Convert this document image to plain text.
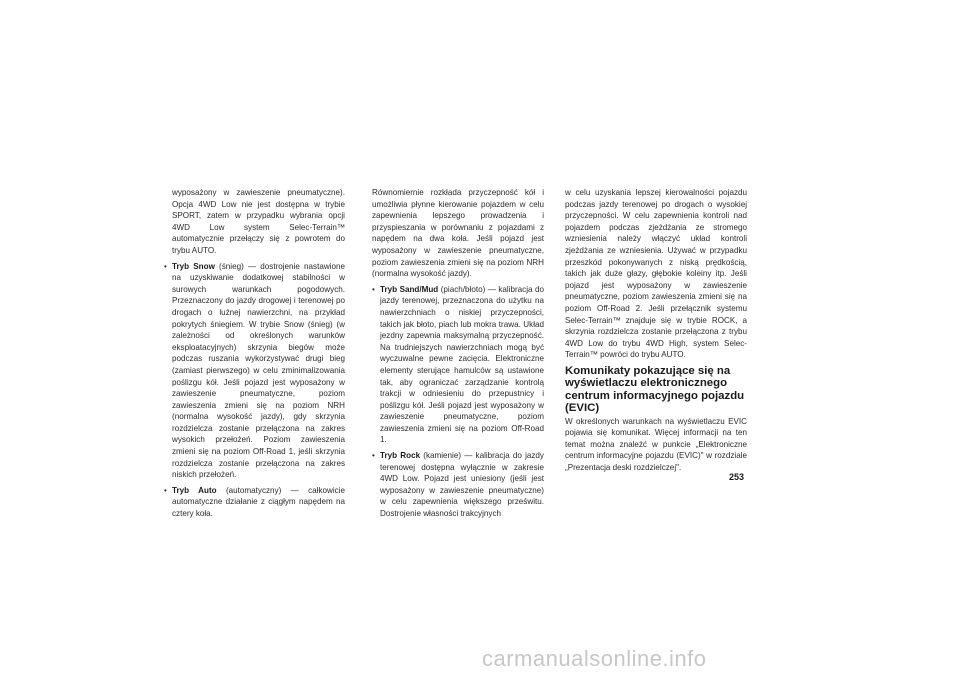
wyposażony w zawieszenie pneumatyczne). Opcja 4WD Low nie jest dostępna w trybie SPORT, zatem w przypadku wybrania opcji 4WD Low system Selec-Terrain™ automatycznie przełączy się z powrotem do trybu AUTO.

• Tryb Snow (śnieg) — dostrojenie nastawione na uzyskiwanie dodatkowej stabilności w surowych warunkach pogodowych. Przeznaczony do jazdy drogowej i terenowej po drogach o luźnej nawierzchni, na przykład pokrytych śniegiem. W trybie Snow (śnieg) (w zależności od określonych warunków eksploatacyjnych) skrzynia biegów może podczas ruszania wykorzystywać drugi bieg (zamiast pierwszego) w celu zminimalizowania poślizgu kół. Jeśli pojazd jest wyposażony w zawieszenie pneumatyczne, poziom zawieszenia zmieni się na poziom NRH (normalna wysokość jazdy), gdy skrzynia rozdzielcza zostanie przełączona na zakres wysokich przełożeń. Poziom zawieszenia zmieni się na poziom Off-Road 1, jeśli skrzynia rozdzielcza zostanie przełączona na zakres niskich przełożeń.
• Tryb Auto (automatyczny) — całkowicie automatyczne działanie z ciągłym napędem na cztery koła.

Równomiernie rozkłada przyczepność kół i umożliwia płynne kierowanie pojazdem w celu zapewnienia lepszego prowadzenia i przyspieszania w porównaniu z pojazdami z napędem na dwa koła. Jeśli pojazd jest wyposażony w zawieszenie pneumatyczne, poziom zawieszenia zmieni się na poziom NRH (normalna wysokość jazdy).

• Tryb Sand/Mud (piach/błoto) — kalibracja do jazdy terenowej, przeznaczona do użytku na nawierzchniach o niskiej przyczepności, takich jak błoto, piach lub mokra trawa. Układ jezdny zapewnia maksymalną przyczepność. Na trudniejszych nawierzchniach mogą być wyczuwalne pewne zacięcia. Elektroniczne elementy sterujące hamulców są ustawione tak, aby ograniczać zarządzanie kontrolą trakcji w odniesieniu do przepustnicy i poślizgu kół. Jeśli pojazd jest wyposażony w zawieszenie pneumatyczne, poziom zawieszenia zmieni się na poziom Off-Road 1.
• Tryb Rock (kamienie) — kalibracja do jazdy terenowej dostępna wyłącznie w zakresie 4WD Low. Pojazd jest uniesiony (jeśli jest wyposażony w zawieszenie pneumatyczne) w celu zapewnienia większego prześwitu. Dostrojenie własności trakcyjnych

w celu uzyskania lepszej kierowalności pojazdu podczas jazdy terenowej po drogach o wysokiej przyczepności. W celu zapewnienia kontroli nad pojazdem podczas zjeżdżania ze stromego wzniesienia należy włączyć układ kontroli zjeżdżania ze wzniesienia. Używać w przypadku przeszkód pokonywanych z niską prędkością, takich jak duże głazy, głębokie koleiny itp. Jeśli pojazd jest wyposażony w zawieszenie pneumatyczne, poziom zawieszenia zmieni się na poziom Off-Road 2. Jeśli przełącznik systemu Selec-Terrain™ znajduje się w trybie ROCK, a skrzynia rozdzielcza zostanie przełączona z trybu 4WD Low do trybu 4WD High, system Selec-Terrain™ powróci do trybu AUTO.

Komunikaty pokazujące się na wyświetlaczu elektronicznego centrum informacyjnego pojazdu (EVIC)

W określonych warunkach na wyświetlaczu EVIC pojawia się komunikat. Więcej informacji na ten temat można znaleźć w punkcie „Elektroniczne centrum informacyjne pojazdu (EVIC)" w rozdziale „Prezentacja deski rozdzielczej".

253
carmanualsonline.info
